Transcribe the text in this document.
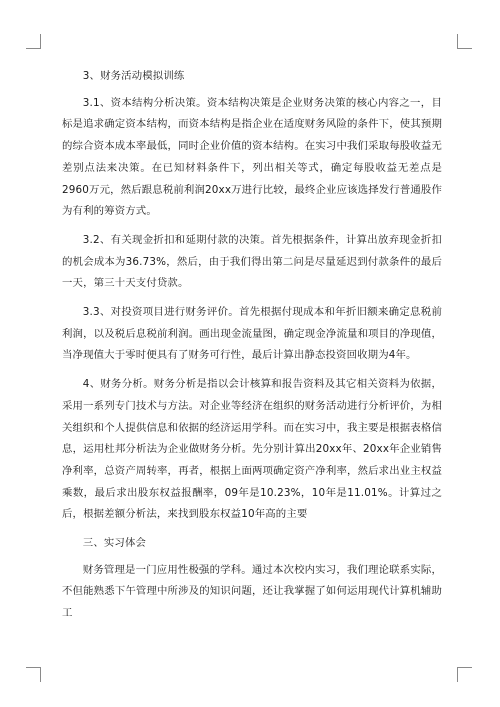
3、财务活动模拟训练

3.1、资本结构分析决策。资本结构决策是企业财务决策的核心内容之一，目标是追求确定资本结构，而资本结构是指企业在适度财务风险的条件下，使其预期的综合资本成本率最低，同时企业价值的资本结构。在实习中我们采取每股收益无差别点法来决策。在已知材料条件下，列出相关等式，确定每股收益无差点是2960万元，然后跟息税前利润20xx万进行比较，最终企业应该选择发行普通股作为有利的筹资方式。

3.2、有关现金折扣和延期付款的决策。首先根据条件，计算出放弃现金折扣的机会成本为36.73%，然后，由于我们得出第二问是尽量延迟到付款条件的最后一天，第三十天支付贷款。

3.3、对投资项目进行财务评价。首先根据付现成本和年折旧额来确定息税前利润，以及税后息税前利润。画出现金流量图，确定现金净流量和项目的净现值，当净现值大于零时便具有了财务可行性，最后计算出静态投资回收期为4年。

4、财务分析。财务分析是指以会计核算和报告资料及其它相关资料为依据，采用一系列专门技术与方法。对企业等经济在组织的财务活动进行分析评价，为相关组织和个人提供信息和依据的经济运用学科。而在实习中，我主要是根据表格信息，运用杜邦分析法为企业做财务分析。先分别计算出20xx年、20xx年企业销售净利率，总资产周转率，再者，根据上面两项确定资产净利率，然后求出业主权益乘数，最后求出股东权益报酬率，09年是10.23%，10年是11.01%。计算过之后，根据差额分析法，来找到股东权益10年高的主要

三、实习体会

财务管理是一门应用性极强的学科。通过本次校内实习，我们理论联系实际，不但能熟悉下午管理中所涉及的知识问题，还让我掌握了如何运用现代计算机辅助工
